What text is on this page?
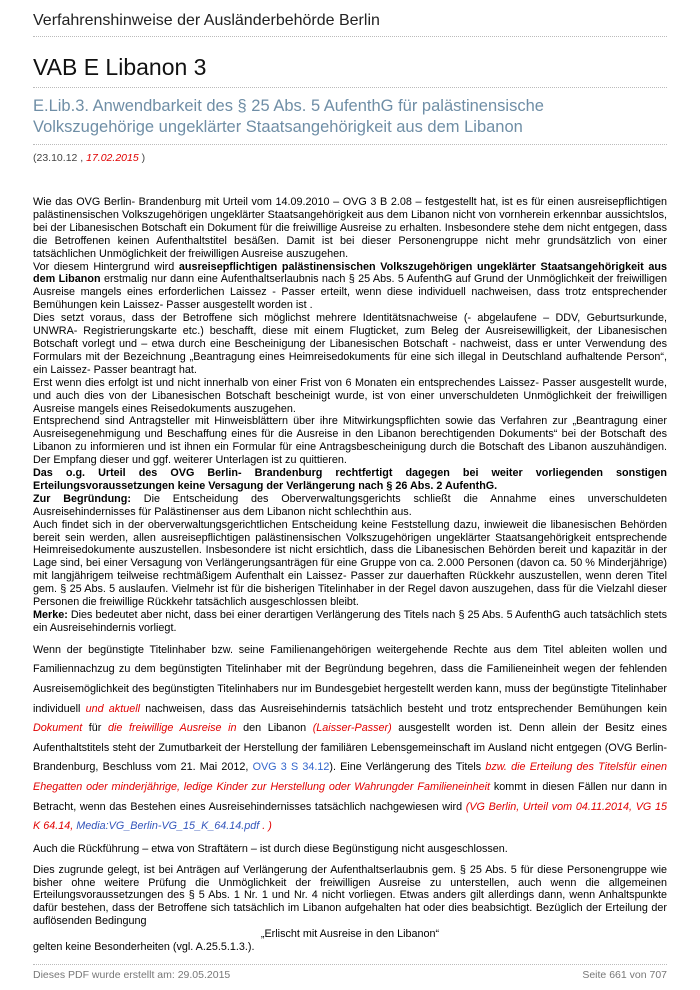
Verfahrenshinweise der Ausländerbehörde Berlin
VAB E Libanon 3
E.Lib.3. Anwendbarkeit des § 25 Abs. 5 AufenthG für palästinensische Volkszugehörige ungeklärter Staatsangehörigkeit aus dem Libanon
(23.10.12 , 17.02.2015 )

Wie das OVG Berlin- Brandenburg mit Urteil vom 14.09.2010 – OVG 3 B 2.08 – festgestellt hat, ist es für einen ausreisepflichtigen palästinensischen Volkszugehörigen ungeklärter Staatsangehörigkeit aus dem Libanon nicht von vornherein erkennbar aussichtslos, bei der Libanesischen Botschaft ein Dokument für die freiwillige Ausreise zu erhalten. Insbesondere stehe dem nicht entgegen, dass die Betroffenen keinen Aufenthaltstitel besäßen. Damit ist bei dieser Personengruppe nicht mehr grundsätzlich von einer tatsächlichen Unmöglichkeit der freiwilligen Ausreise auszugehen.

Vor diesem Hintergrund wird ausreisepflichtigen palästinensischen Volkszugehörigen ungeklärter Staatsangehörigkeit aus dem Libanon erstmalig nur dann eine Aufenthaltserlaubnis nach § 25 Abs. 5 AufenthG auf Grund der Unmöglichkeit der freiwilligen Ausreise mangels eines erforderlichen Laissez - Passer erteilt, wenn diese individuell nachweisen, dass trotz entsprechender Bemühungen kein Laissez- Passer ausgestellt worden ist .

Dies setzt voraus, dass der Betroffene sich möglichst mehrere Identitätsnachweise (- abgelaufene – DDV, Geburtsurkunde, UNWRA- Registrierungskarte etc.) beschafft, diese mit einem Flugticket, zum Beleg der Ausreisewilligkeit, der Libanesischen Botschaft vorlegt und – etwa durch eine Bescheinigung der Libanesischen Botschaft - nachweist, dass er unter Verwendung des Formulars mit der Bezeichnung „Beantragung eines Heimreisedokuments für eine sich illegal in Deutschland aufhaltende Person“, ein Laissez- Passer beantragt hat.

Erst wenn dies erfolgt ist und nicht innerhalb von einer Frist von 6 Monaten ein entsprechendes Laissez- Passer ausgestellt wurde, und auch dies von der Libanesischen Botschaft bescheinigt wurde, ist von einer unverschuldeten Unmöglichkeit der freiwilligen Ausreise mangels eines Reisedokuments auszugehen.

Entsprechend sind Antragsteller mit Hinweisblättern über ihre Mitwirkungspflichten sowie das Verfahren zur „Beantragung einer Ausreisegenehmigung und Beschaffung eines für die Ausreise in den Libanon berechtigenden Dokuments“ bei der Botschaft des Libanon zu informieren und ist ihnen ein Formular für eine Antragsbescheinigung durch die Botschaft des Libanon auszuhändigen. Der Empfang dieser und ggf. weiterer Unterlagen ist zu quittieren.

Das o.g. Urteil des OVG Berlin- Brandenburg rechtfertigt dagegen bei weiter vorliegenden sonstigen Erteilungsvoraussetzungen keine Versagung der Verlängerung nach § 26 Abs. 2 AufenthG.

Zur Begründung: Die Entscheidung des Oberverwaltungsgerichts schließt die Annahme eines unverschuldeten Ausreisehindernisses für Palästinenser aus dem Libanon nicht schlechthin aus.

Auch findet sich in der oberverwaltungsgerichtlichen Entscheidung keine Feststellung dazu, inwieweit die libanesischen Behörden bereit sein werden, allen ausreisepflichtigen palästinensischen Volkszugehörigen ungeklärter Staatsangehörigkeit entsprechende Heimreisedokumente auszustellen. Insbesondere ist nicht ersichtlich, dass die Libanesischen Behörden bereit und kapazitär in der Lage sind, bei einer Versagung von Verlängerungsanträgen für eine Gruppe von ca. 2.000 Personen (davon ca. 50 % Minderjährige) mit langjährigem teilweise rechtmäßigem Aufenthalt ein Laissez- Passer zur dauerhaften Rückkehr auszustellen, wenn deren Titel gem. § 25 Abs. 5 auslaufen. Vielmehr ist für die bisherigen Titelinhaber in der Regel davon auszugehen, dass für die Vielzahl dieser Personen die freiwillige Rückkehr tatsächlich ausgeschlossen bleibt.

Merke: Dies bedeutet aber nicht, dass bei einer derartigen Verlängerung des Titels nach § 25 Abs. 5 AufenthG auch tatsächlich stets ein Ausreisehindernis vorliegt.

Wenn der begünstigte Titelinhaber bzw. seine Familienangehörigen weitergehende Rechte aus dem Titel ableiten wollen und Familiennachzug zu dem begünstigten Titelinhaber mit der Begründung begehren, dass die Familieneinheit wegen der fehlenden Ausreisemöglichkeit des begünstigten Titelinhabers nur im Bundesgebiet hergestellt werden kann, muss der begünstigte Titelinhaber individuell und aktuell nachweisen, dass das Ausreisehindernis tatsächlich besteht und trotz entsprechender Bemühungen kein Dokument für die freiwillige Ausreise in den Libanon (Laisser-Passer) ausgestellt worden ist. Denn allein der Besitz eines Aufenthaltstitels steht der Zumutbarkeit der Herstellung der familiären Lebensgemeinschaft im Ausland nicht entgegen (OVG Berlin-Brandenburg, Beschluss vom 21. Mai 2012, OVG 3 S 34.12). Eine Verlängerung des Titels bzw. die Erteilung des Titelsfür einen Ehegatten oder minderjährige, ledige Kinder zur Herstellung oder Wahrungder Familieneinheit kommt in diesen Fällen nur dann in Betracht, wenn das Bestehen eines Ausreisehindernisses tatsächlich nachgewiesen wird (VG Berlin, Urteil vom 04.11.2014, VG 15 K 64.14, Media:VG_Berlin-VG_15_K_64.14.pdf . )

Auch die Rückführung – etwa von Straftätern – ist durch diese Begünstigung nicht ausgeschlossen.

Dies zugrunde gelegt, ist bei Anträgen auf Verlängerung der Aufenthaltserlaubnis gem. § 25 Abs. 5 für diese Personengruppe wie bisher ohne weitere Prüfung die Unmöglichkeit der freiwilligen Ausreise zu unterstellen, auch wenn die allgemeinen Erteilungsvoraussetzungen des § 5 Abs. 1 Nr. 1 und Nr. 4 nicht vorliegen. Etwas anders gilt allerdings dann, wenn Anhaltspunkte dafür bestehen, dass der Betroffene sich tatsächlich im Libanon aufgehalten hat oder dies beabsichtigt. Bezüglich der Erteilung der auflösenden Bedingung

„Erlischt mit Ausreise in den Libanon“

gelten keine Besonderheiten (vgl. A.25.5.1.3.).

Dieses PDF wurde erstellt am: 29.05.2015	Seite 661 von 707
